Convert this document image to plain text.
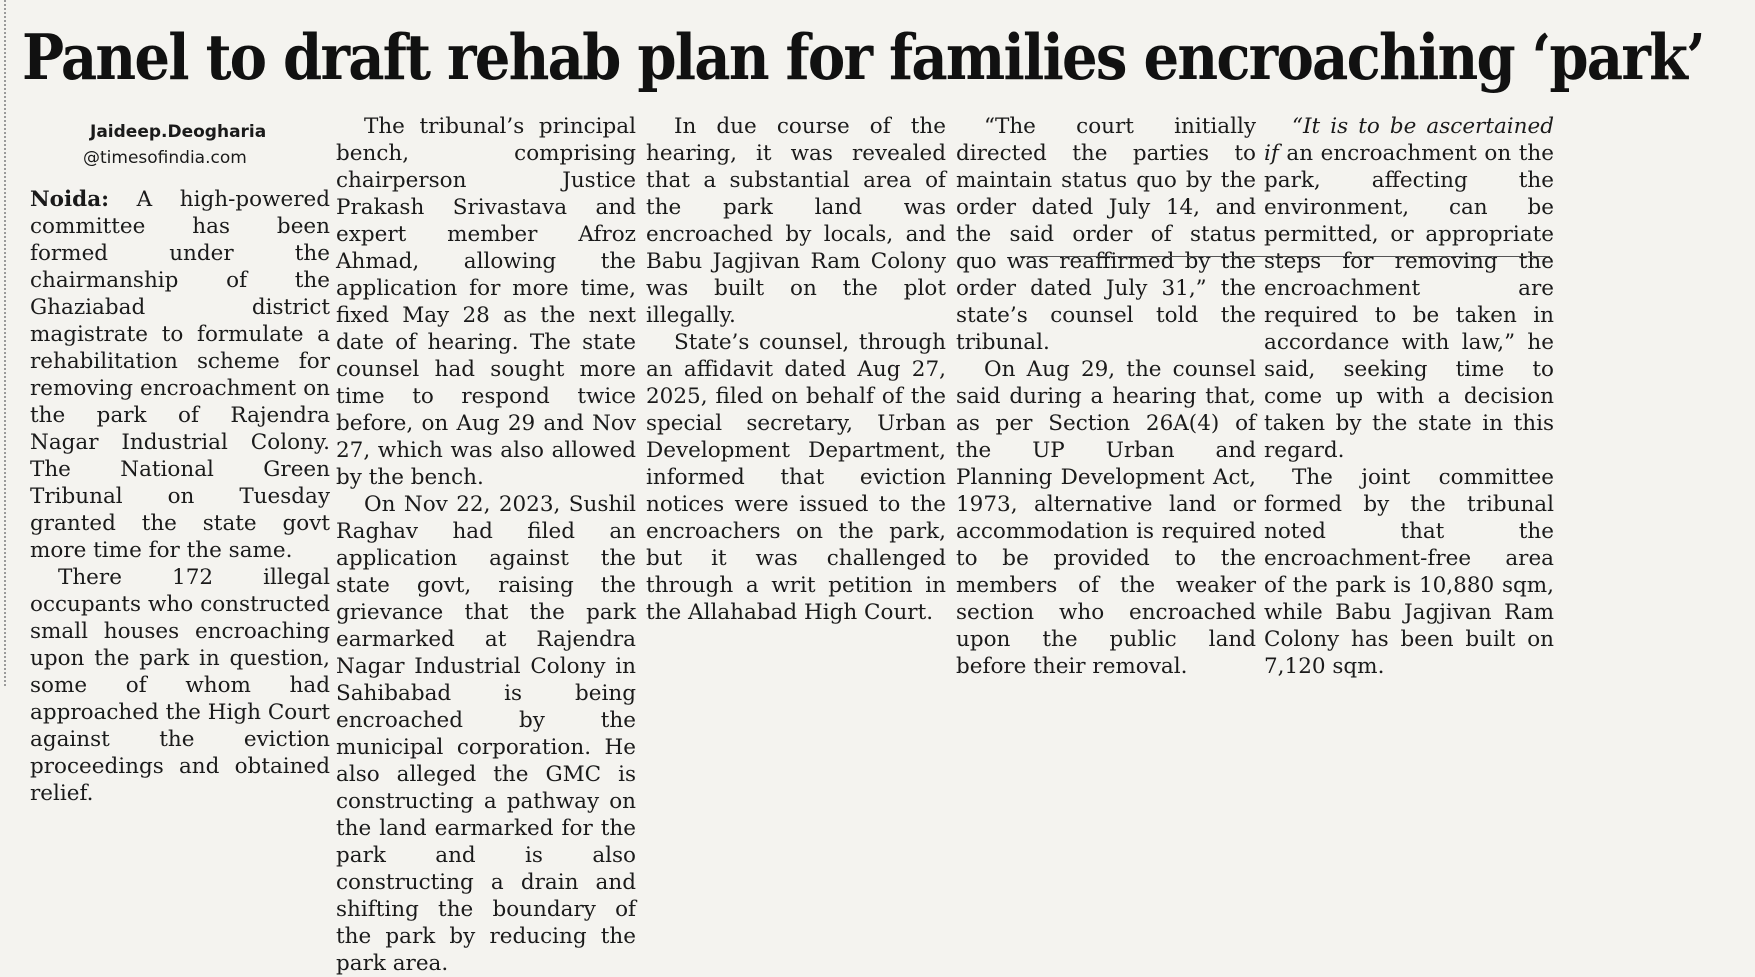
Panel to draft rehab plan for families encroaching ‘park’

Jaideep.Deogharia

@timesofindia.com

Noida: A high-powered committee has been formed under the chairmanship of the Ghaziabad district magistrate to formulate a rehabilitation scheme for removing encroachment on the park of Rajendra Nagar Industrial Colony. The National Green Tribunal on Tuesday granted the state govt more time for the same.

There 172 illegal occupants who constructed small houses encroaching upon the park in question, some of whom had approached the High Court against the eviction proceedings and obtained relief.

The tribunal’s principal bench, comprising chairperson Justice Prakash Srivastava and expert member Afroz Ahmad, allowing the application for more time, fixed May 28 as the next date of hearing. The state counsel had sought more time to respond twice before, on Aug 29 and Nov 27, which was also allowed by the bench.

On Nov 22, 2023, Sushil Raghav had filed an application against the state govt, raising the grievance that the park earmarked at Rajendra Nagar Industrial Colony in Sahibabad is being encroached by the municipal corporation. He also alleged the GMC is constructing a pathway on the land earmarked for the park and is also constructing a drain and shifting the boundary of the park by reducing the park area.

In due course of the hearing, it was revealed that a substantial area of the park land was encroached by locals, and Babu Jagjivan Ram Colony was built on the plot illegally.

State’s counsel, through an affidavit dated Aug 27, 2025, filed on behalf of the special secretary, Urban Development Department, informed that eviction notices were issued to the encroachers on the park, but it was challenged through a writ petition in the Allahabad High Court.

“The court initially directed the parties to maintain status quo by the order dated July 14, and the said order of status quo was reaffirmed by the order dated July 31,” the state’s counsel told the tribunal.

On Aug 29, the counsel said during a hearing that, as per Section 26A(4) of the UP Urban and Planning Development Act, 1973, alternative land or accommodation is required to be provided to the members of the weaker section who encroached upon the public land before their removal.

“It is to be ascertained if an encroachment on the park, affecting the environment, can be permitted, or appropriate steps for removing the encroachment are required to be taken in accordance with law,” he said, seeking time to come up with a decision taken by the state in this regard.

The joint committee formed by the tribunal noted that the encroachment-free area of the park is 10,880 sqm, while Babu Jagjivan Ram Colony has been built on 7,120 sqm.
